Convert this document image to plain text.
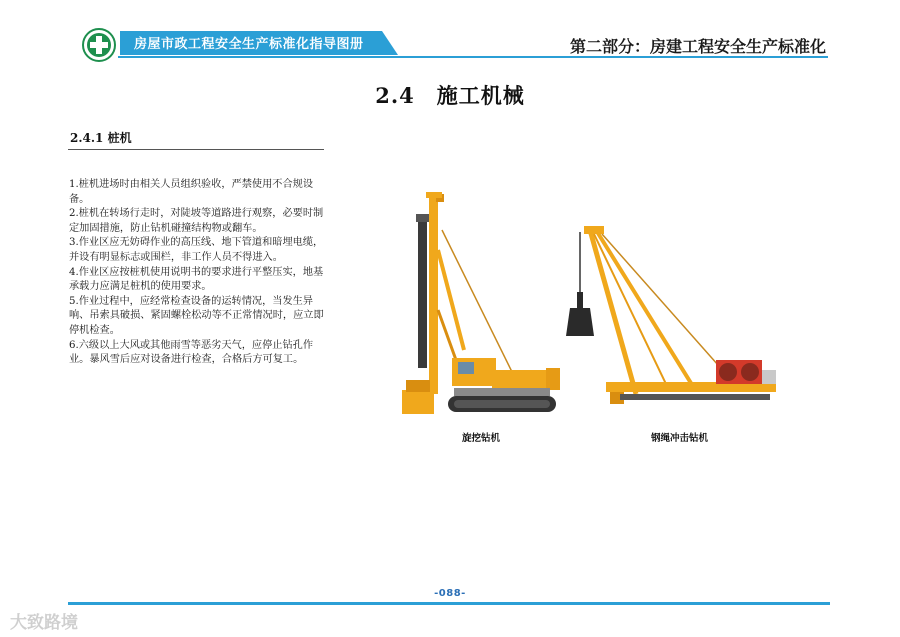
房屋市政工程安全生产标准化指导图册	第二部分：房建工程安全生产标准化
2.4 施工机械
2.4.1 桩机
1.桩机进场时由相关人员组织验收，严禁使用不合规设备。
2.桩机在转场行走时，对陡坡等道路进行观察，必要时制定加固措施，防止钻机碰撞结构物或翻车。
3.作业区应无妨碍作业的高压线、地下管道和暗埋电缆，并设有明显标志或围栏，非工作人员不得进入。
4.作业区应按桩机使用说明书的要求进行平整压实，地基承载力应满足桩机的使用要求。
5.作业过程中，应经常检查设备的运转情况，当发生异响、吊索具破损、紧固螺栓松动等不正常情况时，应立即停机检查。
6.六级以上大风或其他雨雪等恶劣天气，应停止钻孔作业。暴风雪后应对设备进行检查，合格后方可复工。
旋挖钻机	钢绳冲击钻机
-088-
大致路境
